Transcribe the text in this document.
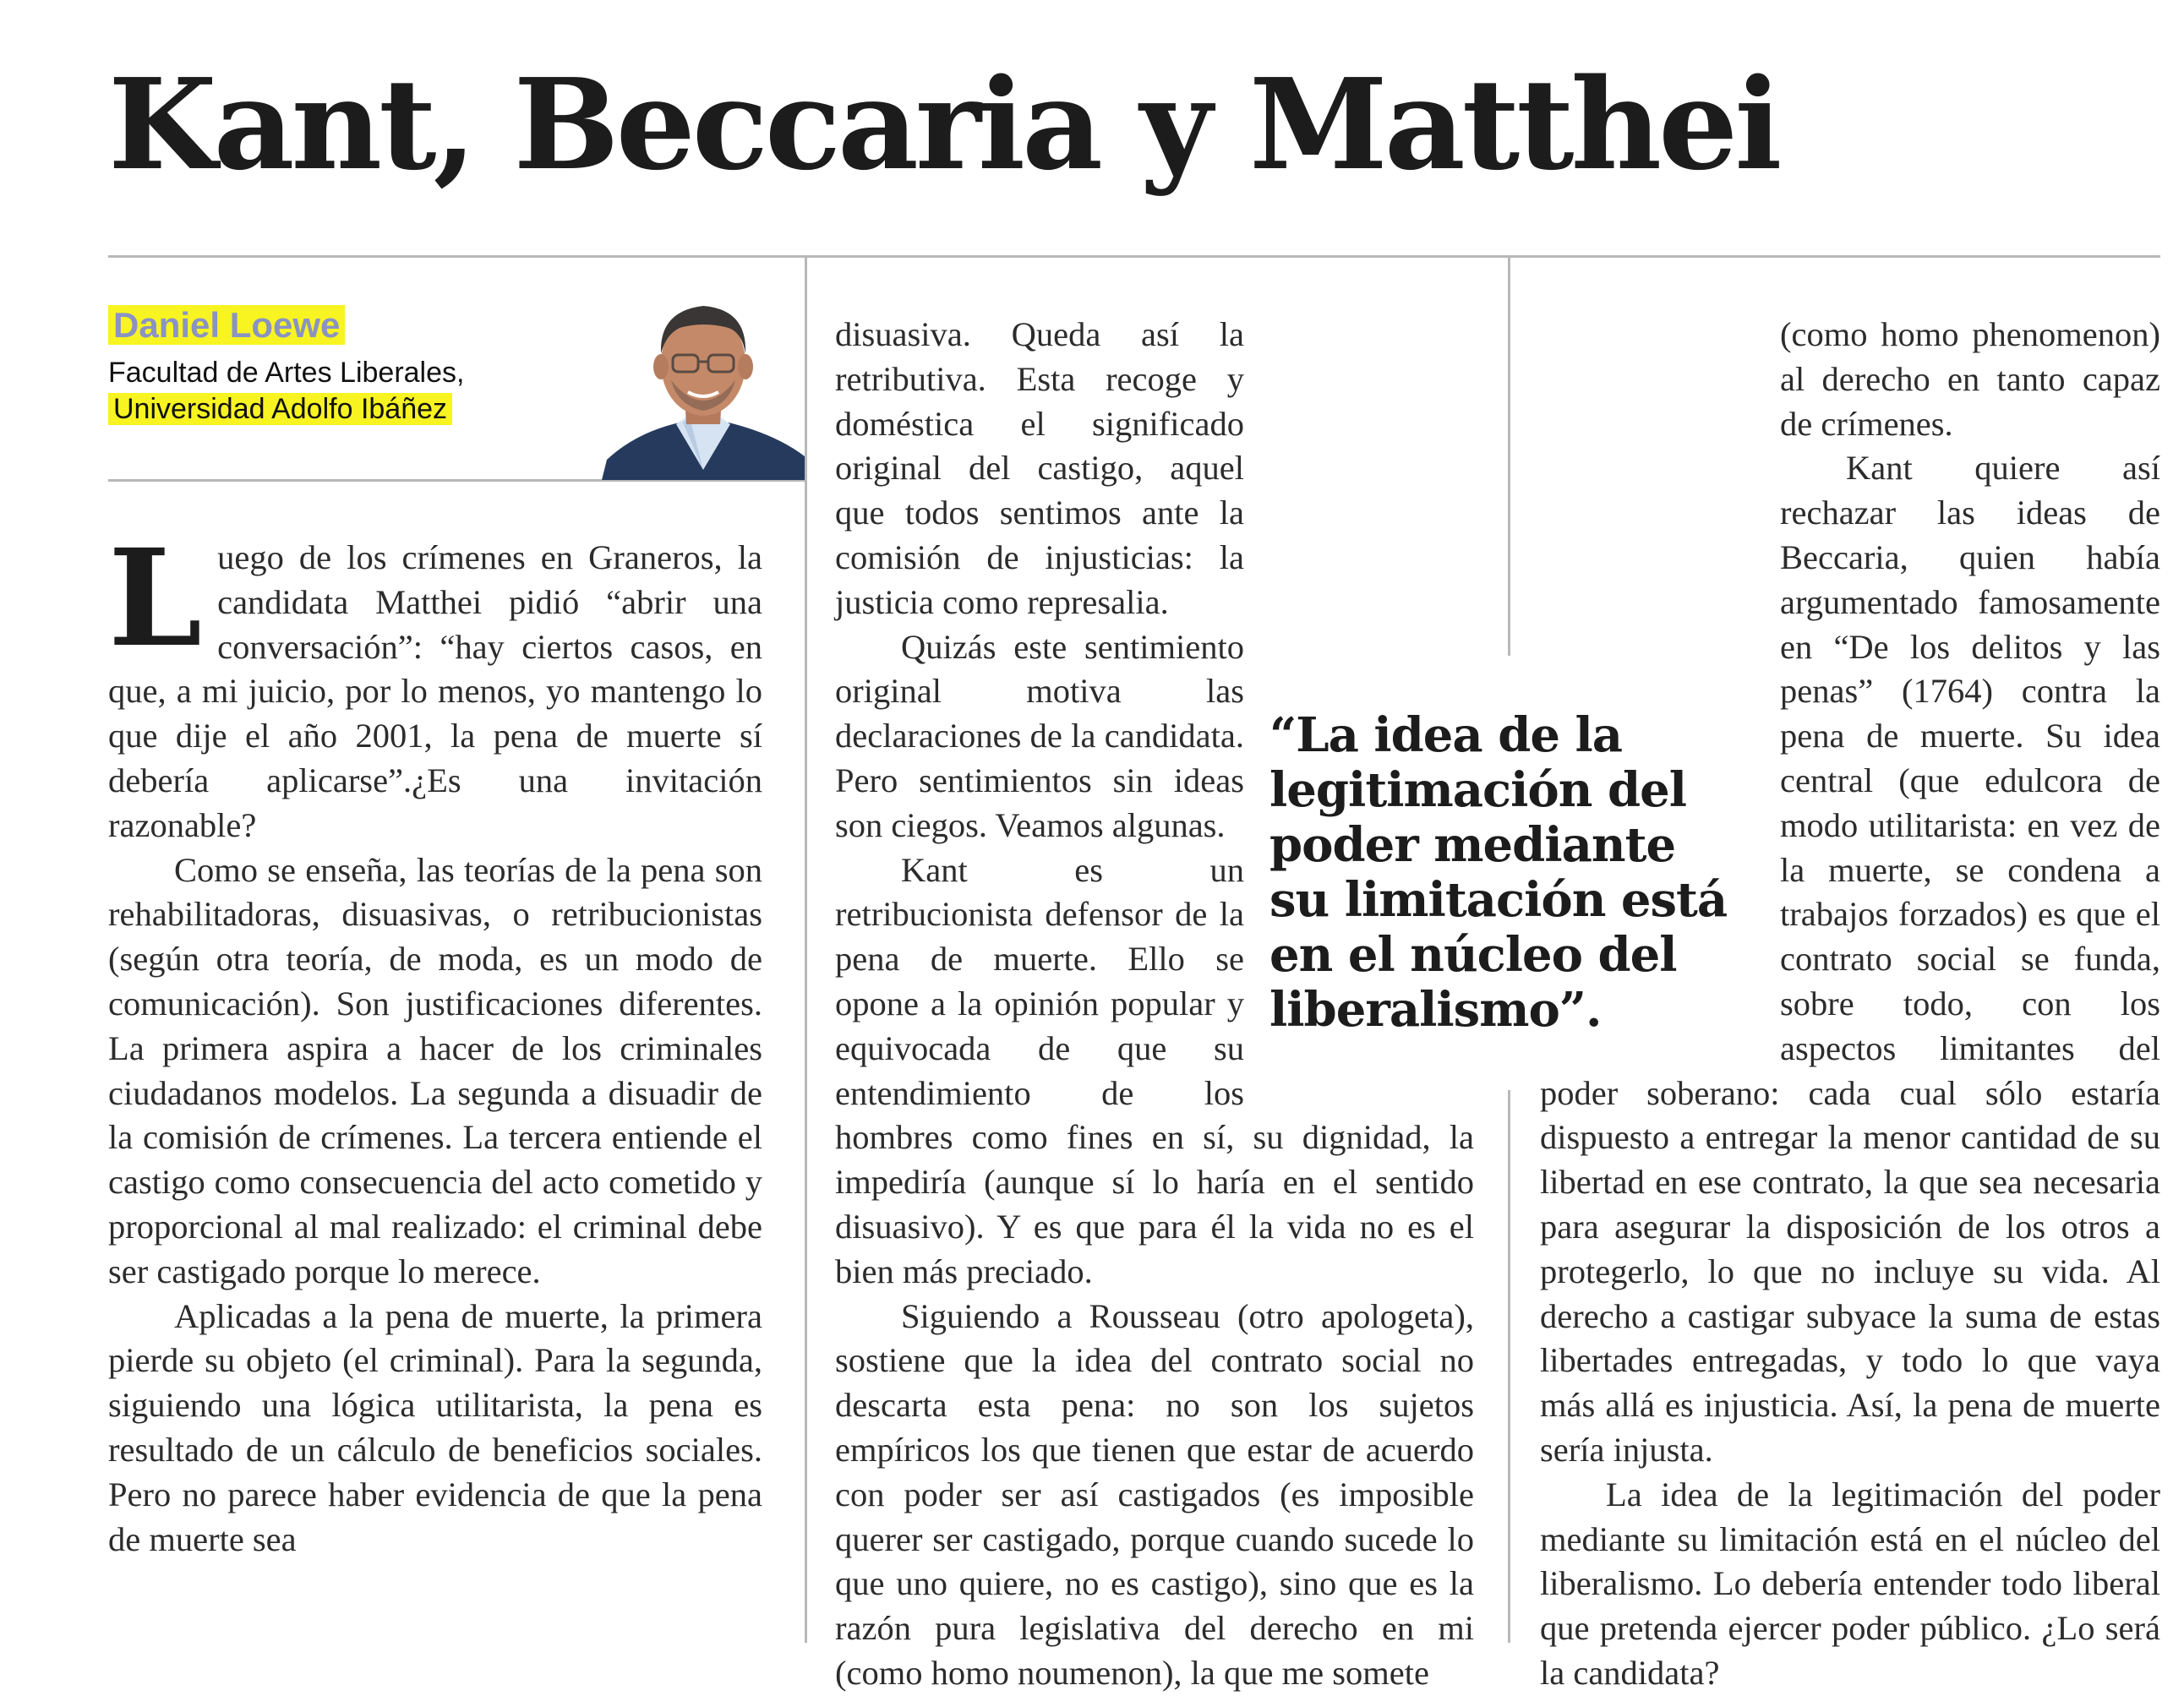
Kant, Beccaria y Matthei
Daniel Loewe
Facultad de Artes Liberales,
Universidad Adolfo Ibáñez
L uego de los crímenes en Graneros, la candidata Matthei pidió “abrir una conversación”: “hay ciertos casos, en que, a mi juicio, por lo menos, yo mantengo lo que dije el año 2001, la pena de muerte sí debería aplicarse”.¿Es una invitación razonable?

Como se enseña, las teorías de la pena son rehabilitadoras, disuasivas, o retribucionistas (según otra teoría, de moda, es un modo de comunicación). Son justificaciones diferentes. La primera aspira a hacer de los criminales ciudadanos modelos. La segunda a disuadir de la comisión de crímenes. La tercera entiende el castigo como consecuencia del acto cometido y proporcional al mal realizado: el criminal debe ser castigado porque lo merece.

Aplicadas a la pena de muerte, la primera pierde su objeto (el criminal). Para la segunda, siguiendo una lógica utilitarista, la pena es resultado de un cálculo de beneficios sociales. Pero no parece haber evidencia de que la pena de muerte sea

disuasiva. Queda así la retributiva. Esta recoge y doméstica el significado original del castigo, aquel que todos sentimos ante la comisión de injusticias: la justicia como represalia.

Quizás este sentimiento original motiva las declaraciones de la candidata. Pero sentimientos sin ideas son ciegos. Veamos algunas.

Kant es un retribucionista defensor de la pena de muerte. Ello se opone a la opinión popular y equivocada de que su entendimiento de los hombres como fines en sí, su dignidad, la impediría (aunque sí lo haría en el sentido disuasivo). Y es que para él la vida no es el bien más preciado.

Siguiendo a Rousseau (otro apologeta), sostiene que la idea del contrato social no descarta esta pena: no son los sujetos empíricos los que tienen que estar de acuerdo con poder ser así castigados (es imposible querer ser castigado, porque cuando sucede lo que uno quiere, no es castigo), sino que es la razón pura legislativa del derecho en mi (como homo noumenon), la que me somete

(como homo phenomenon) al derecho en tanto capaz de crímenes.

Kant quiere así rechazar las ideas de Beccaria, quien había argumentado famosamente en “De los delitos y las penas” (1764) contra la pena de muerte. Su idea central (que edulcora de modo utilitarista: en vez de la muerte, se condena a trabajos forzados) es que el contrato social se funda, sobre todo, con los aspectos limitantes del poder soberano: cada cual sólo estaría dispuesto a entregar la menor cantidad de su libertad en ese contrato, la que sea necesaria para asegurar la disposición de los otros a protegerlo, lo que no incluye su vida. Al derecho a castigar subyace la suma de estas libertades entregadas, y todo lo que vaya más allá es injusticia. Así, la pena de muerte sería injusta.

La idea de la legitimación del poder mediante su limitación está en el núcleo del liberalismo. Lo debería entender todo liberal que pretenda ejercer poder público. ¿Lo será la candidata?

“La idea de la legitimación del poder mediante su limitación está en el núcleo del liberalismo”.
